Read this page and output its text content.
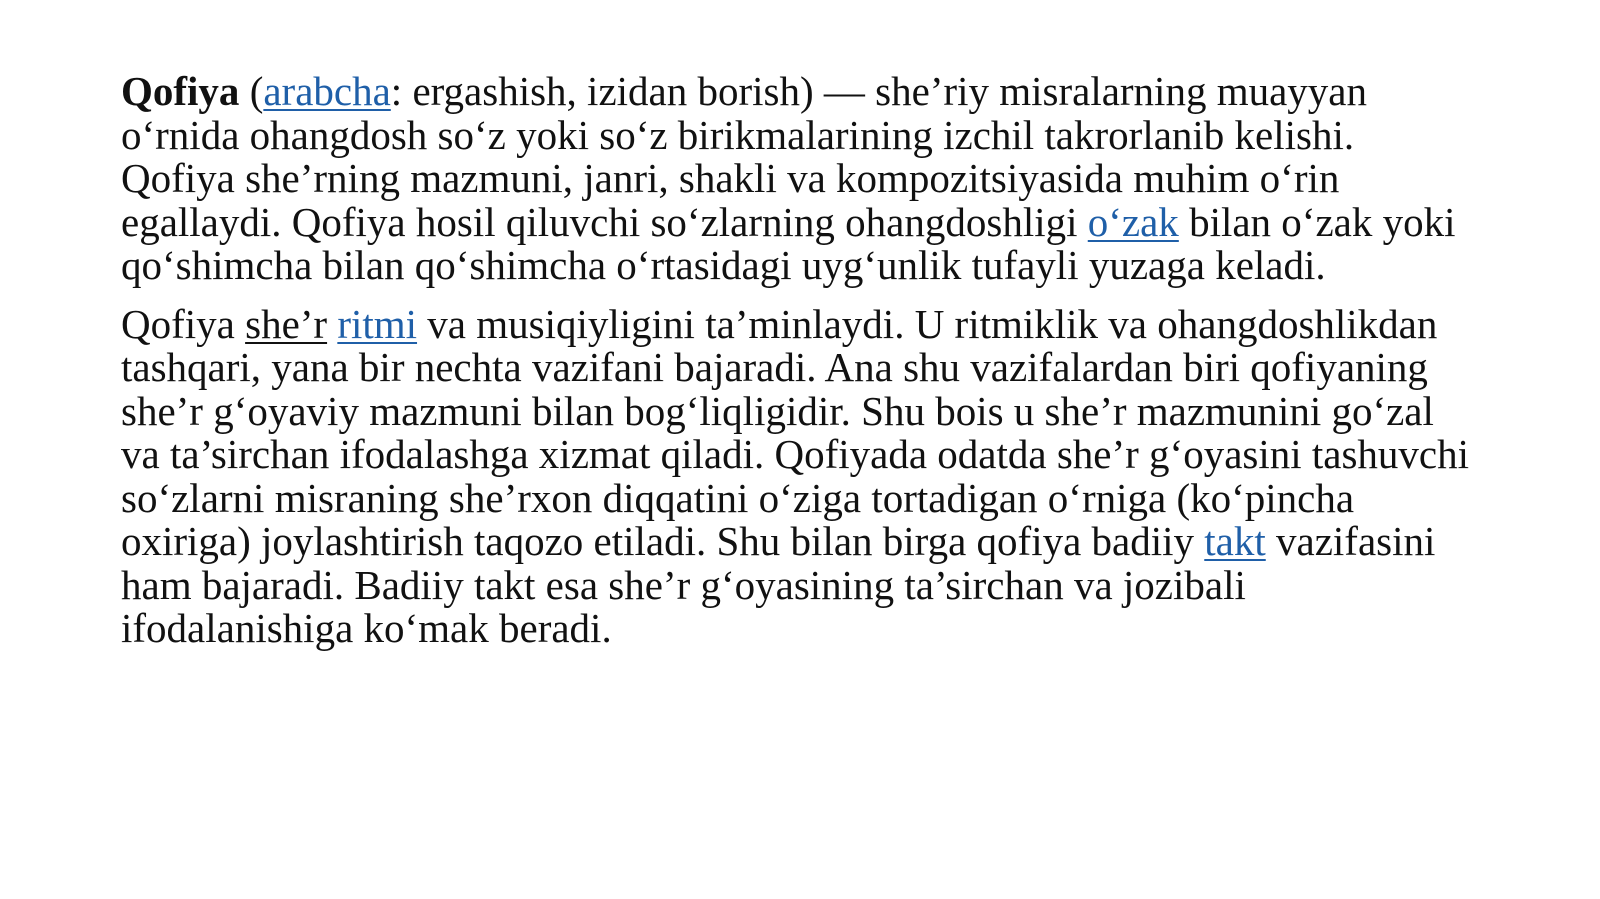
Qofiya (arabcha: ergashish, izidan borish) — she’riy misralarning muayyan o‘rnida ohangdosh so‘z yoki so‘z birikmalarining izchil takrorlanib kelishi. Qofiya she’rning mazmuni, janri, shakli va kompozitsiyasida muhim o‘rin egallaydi. Qofiya hosil qiluvchi so‘zlarning ohangdoshligi o‘zak bilan o‘zak yoki qo‘shimcha bilan qo‘shimcha o‘rtasidagi uyg‘unlik tufayli yuzaga keladi.

Qofiya she’r ritmi va musiqiyligini ta’minlaydi. U ritmiklik va ohangdoshlikdan tashqari, yana bir nechta vazifani bajaradi. Ana shu vazifalardan biri qofiyaning she’r g‘oyaviy mazmuni bilan bog‘liqligidir. Shu bois u she’r mazmunini go‘zal va ta’sirchan ifodalashga xizmat qiladi. Qofiyada odatda she’r g‘oyasini tashuvchi so‘zlarni misraning she’rxon diqqatini o‘ziga tortadigan o‘rniga (ko‘pincha oxiriga) joylashtirish taqozo etiladi. Shu bilan birga qofiya badiiy takt vazifasini ham bajaradi. Badiiy takt esa she’r g‘oyasining ta’sirchan va jozibali ifodalanishiga ko‘mak beradi.
